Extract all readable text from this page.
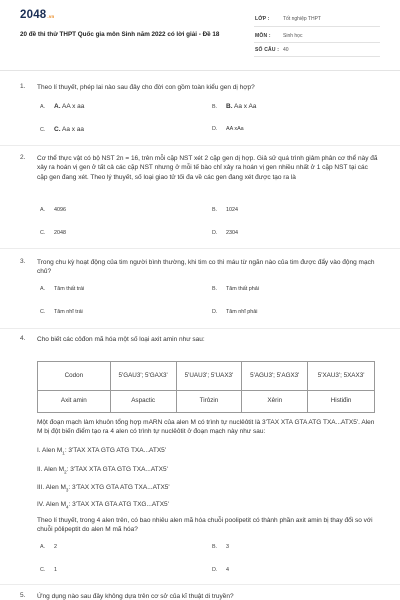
2048.vn
20 đề thi thử THPT Quốc gia môn Sinh năm 2022 có lời giải - Đề 18
LỚP :	Tốt nghiệp THPT
MÔN : Sinh học
SỐ CÂU : 40
1. Theo lí thuyết, phép lai nào sau đây cho đời con gồm toàn kiểu gen dị hợp?
A. A. AA x aa	B. B. Aa x Aa
C. C. Aa x aa	D. AA xAa
2. Cơ thể thực vật có bộ NST 2n = 16, trên mỗi cặp NST xét 2 cặp gen dị hợp. Giả sử quá trình giảm phân cơ thể này đã xảy ra hoán vị gen ở tất cả các cặp NST nhưng ở mỗi tế bào chỉ xảy ra hoán vị gen nhiều nhất ở 1 cặp NST tại các cặp gen đang xét. Theo lý thuyết, số loại giao tử tối đa về các gen đang xét được tạo ra là
A. 4096	B. 1024
C. 2048	D. 2304
3. Trong chu kỳ hoạt động của tim người bình thường, khi tim co thì máu từ ngăn nào của tim được đẩy vào động mạch chủ?
A. Tâm thất trái	B. Tâm thất phải
C. Tâm nhĩ trái	D. Tâm nhĩ phải
4. Cho biết các côđon mã hóa một số loại axit amin như sau:
Codon	5'GAU3'; 5'GAX3'	5'UAU3'; 5'UAX3'	5'AGU3'; 5'AGX3'	5'XAU3'; 5XAX3'
Axit amin	Aspactic	Tirôzin	Xêrin	Histiđin
Một đoạn mạch làm khuôn tổng hợp mARN của alen M có trình tự nuclêôtit là 3'TAX XTA GTA ATG TXA...ATX5'. Alen M bị đột biến điểm tạo ra 4 alen có trình tự nuclêôtit ở đoạn mạch này như sau:
I. Alen $M_1$: 3'TAX XTA GTG ATG TXA...ATX5'
II. Alen $M_2$: 3'TAX XTA GTA GTG TXA...ATX5'
III. Alen $M_3$: 3'TAX XTG GTA ATG TXA...ATX5'
IV. Alen $M_4$: 3'TAX XTA GTA ATG TXG...ATX5'
Theo lí thuyết, trong 4 alen trên, có bao nhiêu alen mã hóa chuỗi poolipetit có thành phần axit amin bị thay đổi so với chuỗi pôlipeptit do alen M mã hóa?
A. 2	B. 3
C. 1	D. 4
5. Ứng dụng nào sau đây không dựa trên cơ sở của kĩ thuật di truyền?
